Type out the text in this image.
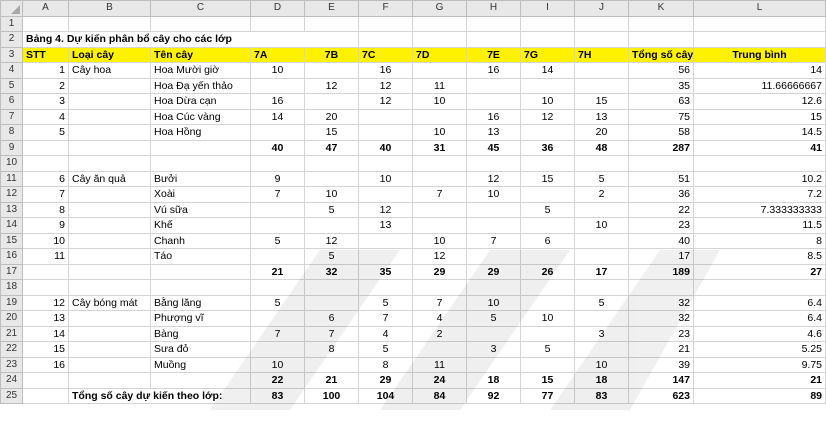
	A	B	C	D	E	F	G	H	I	J	K	L
1												
2	Bảng 4. Dự kiến phân bổ cây cho các lớp											
3	STT	Loại cây	Tên cây	7A	7B	7C	7D	7E	7G	7H	Tổng số cây	Trung bình
4	1	Cây hoa	Hoa Mười giờ	10		16		16	14		56	14
5	2		Hoa Đạ yến thảo		12	12	11				35	11.66666667
6	3		Hoa Dừa cạn	16		12	10		10	15	63	12.6
7	4		Hoa Cúc vàng	14	20			16	12	13	75	15
8	5		Hoa Hồng		15		10	13		20	58	14.5
9				40	47	40	31	45	36	48	287	41
10												
11	6	Cây ăn quả	Bưởi	9		10		12	15	5	51	10.2
12	7		Xoài	7	10		7	10		2	36	7.2
13	8		Vú sữa		5	12			5		22	7.333333333
14	9		Khế			13				10	23	11.5
15	10		Chanh	5	12		10	7	6		40	8
16	11		Táo		5		12				17	8.5
17				21	32	35	29	29	26	17	189	27
18												
19	12	Cây bóng mát	Bằng lăng	5		5	7	10		5	32	6.4
20	13		Phượng vĩ		6	7	4	5	10		32	6.4
21	14		Bàng	7	7	4	2			3	23	4.6
22	15		Sưa đỏ		8	5		3	5		21	5.25
23	16		Muồng	10		8	11			10	39	9.75
24				22	21	29	24	18	15	18	147	21
25		Tổng số cây dự kiến theo lớp:		83	100	104	84	92	77	83	623	89
